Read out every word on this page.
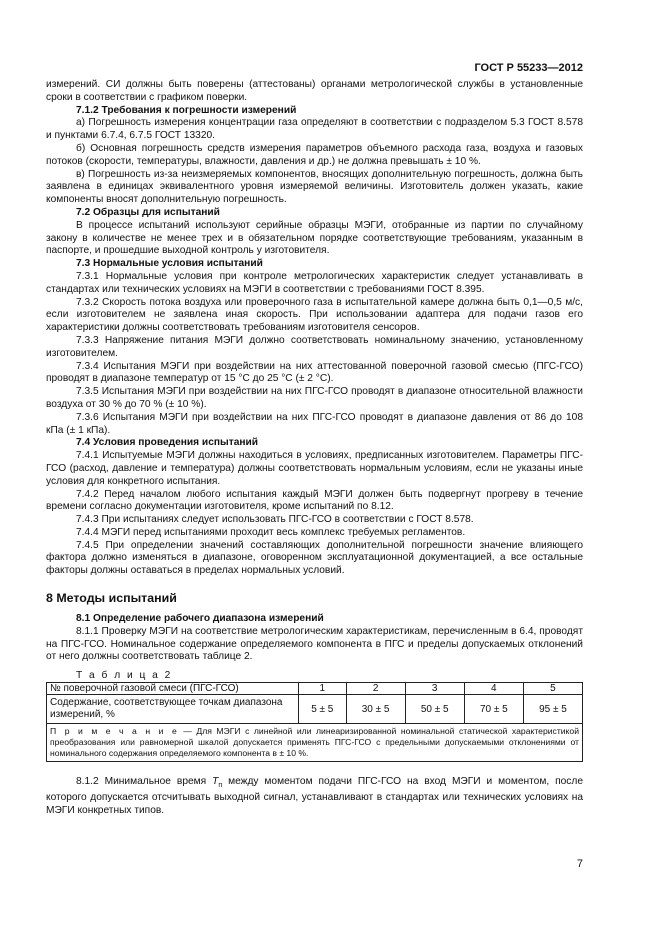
ГОСТ Р 55233—2012

измерений. СИ должны быть поверены (аттестованы) органами метрологической службы в установленные сроки в соответствии с графиком поверки.

7.1.2 Требования к погрешности измерений

а) Погрешность измерения концентрации газа определяют в соответствии с подразделом 5.3 ГОСТ 8.578 и пунктами 6.7.4, 6.7.5 ГОСТ 13320.

б) Основная погрешность средств измерения параметров объемного расхода газа, воздуха и газовых потоков (скорости, температуры, влажности, давления и др.) не должна превышать ± 10 %.

в) Погрешность из-за неизмеряемых компонентов, вносящих дополнительную погрешность, должна быть заявлена в единицах эквивалентного уровня измеряемой величины. Изготовитель должен указать, какие компоненты вносят дополнительную погрешность.

7.2 Образцы для испытаний

В процессе испытаний используют серийные образцы МЭГИ, отобранные из партии по случайному закону в количестве не менее трех и в обязательном порядке соответствующие требованиям, указанным в паспорте, и прошедшие выходной контроль у изготовителя.

7.3 Нормальные условия испытаний

7.3.1 Нормальные условия при контроле метрологических характеристик следует устанавливать в стандартах или технических условиях на МЭГИ в соответствии с требованиями ГОСТ 8.395.

7.3.2 Скорость потока воздуха или проверочного газа в испытательной камере должна быть 0,1—0,5 м/с, если изготовителем не заявлена иная скорость. При использовании адаптера для подачи газов его характеристики должны соответствовать требованиям изготовителя сенсоров.

7.3.3 Напряжение питания МЭГИ должно соответствовать номинальному значению, установленному изготовителем.

7.3.4 Испытания МЭГИ при воздействии на них аттестованной поверочной газовой смесью (ПГС-ГСО) проводят в диапазоне температур от 15 °С до 25 °С (± 2 °С).

7.3.5 Испытания МЭГИ при воздействии на них ПГС-ГСО проводят в диапазоне относительной влажности воздуха от 30 % до 70 % (± 10 %).

7.3.6 Испытания МЭГИ при воздействии на них ПГС-ГСО проводят в диапазоне давления от 86 до 108 кПа (± 1 кПа).

7.4 Условия проведения испытаний

7.4.1 Испытуемые МЭГИ должны находиться в условиях, предписанных изготовителем. Параметры ПГС-ГСО (расход, давление и температура) должны соответствовать нормальным условиям, если не указаны иные условия для конкретного испытания.

7.4.2 Перед началом любого испытания каждый МЭГИ должен быть подвергнут прогреву в течение времени согласно документации изготовителя, кроме испытаний по 8.12.

7.4.3 При испытаниях следует использовать ПГС-ГСО в соответствии с ГОСТ 8.578.

7.4.4 МЭГИ перед испытаниями проходит весь комплекс требуемых регламентов.

7.4.5 При определении значений составляющих дополнительной погрешности значение влияющего фактора должно изменяться в диапазоне, оговоренном эксплуатационной документацией, а все остальные факторы должны оставаться в пределах нормальных условий.

8 Методы испытаний

8.1 Определение рабочего диапазона измерений

8.1.1 Проверку МЭГИ на соответствие метрологическим характеристикам, перечисленным в 6.4, проводят на ПГС-ГСО. Номинальное содержание определяемого компонента в ПГС и пределы допускаемых отклонений от него должны соответствовать таблице 2.

Т а б л и ц а 2
№ поверочной газовой смеси (ПГС-ГСО)	1	2	3	4	5
Содержание, соответствующее точкам диапазона измерений, %	5 ± 5	30 ± 5	50 ± 5	70 ± 5	95 ± 5
П р и м е ч а н и е — Для МЭГИ с линейной или линеаризированной номинальной статической характеристикой преобразования или равномерной шкалой допускается применять ПГС-ГСО с предельными допускаемыми отклонениями от номинального содержания определяемого компонента в ± 10 %.					

8.1.2 Минимальное время $T_п$ между моментом подачи ПГС-ГСО на вход МЭГИ и моментом, после которого допускается отсчитывать выходной сигнал, устанавливают в стандартах или технических условиях на МЭГИ конкретных типов.

7
